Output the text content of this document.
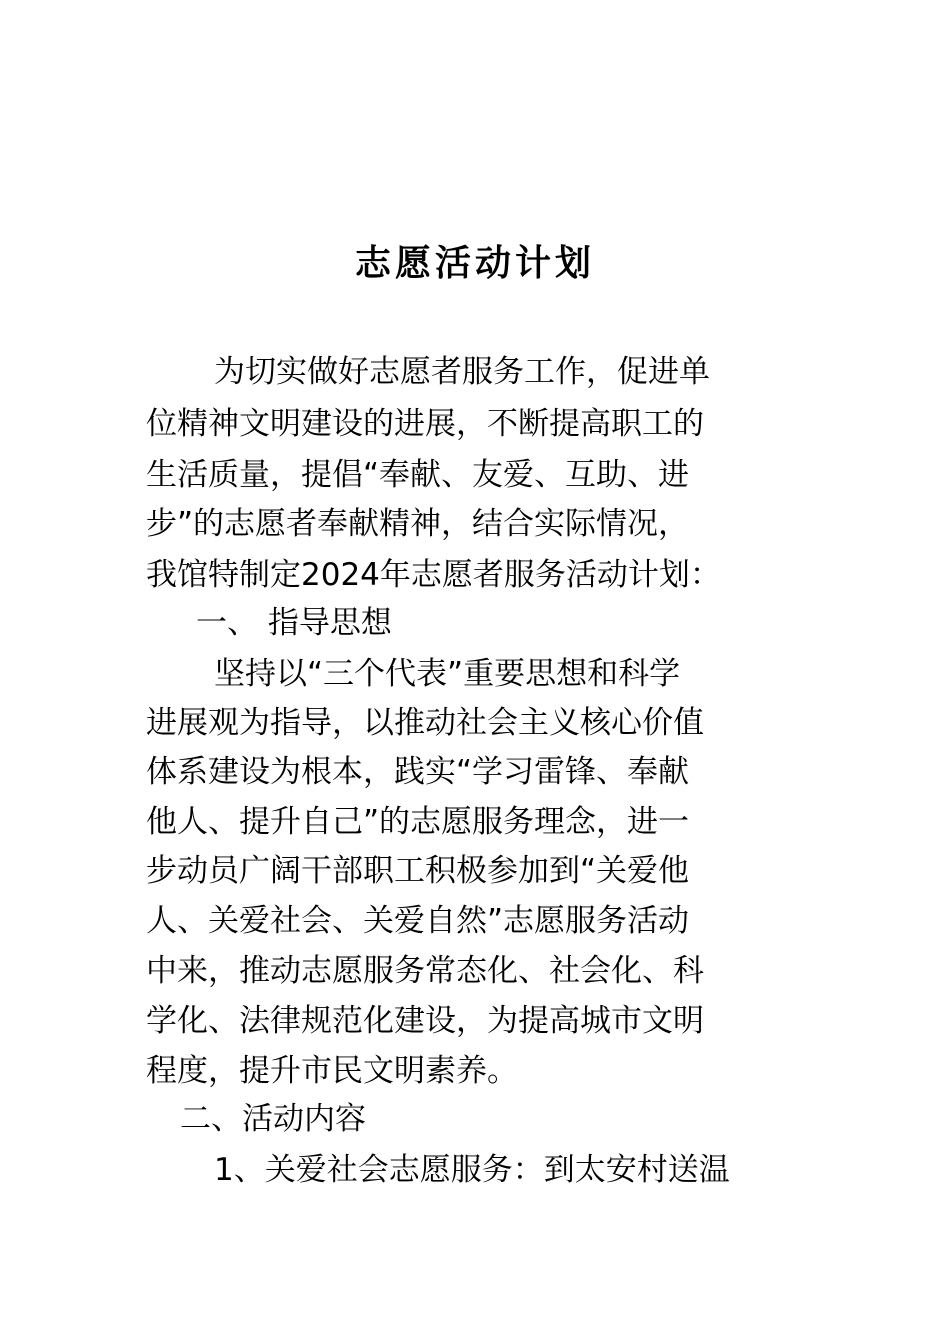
志愿活动计划
为切实做好志愿者服务工作，促进单
位精神文明建设的进展，不断提高职工的
生活质量，提倡“奉献、友爱、互助、进
步”的志愿者奉献精神，结合实际情况，
我馆特制定2024年志愿者服务活动计划：
一、 指导思想
坚持以“三个代表”重要思想和科学
进展观为指导，以推动社会主义核心价值
体系建设为根本，践实“学习雷锋、奉献
他人、提升自己”的志愿服务理念，进一
步动员广阔干部职工积极参加到“关爱他
人、关爱社会、关爱自然”志愿服务活动
中来，推动志愿服务常态化、社会化、科
学化、法律规范化建设，为提高城市文明
程度，提升市民文明素养。
二、活动内容
1、关爱社会志愿服务：到太安村送温
